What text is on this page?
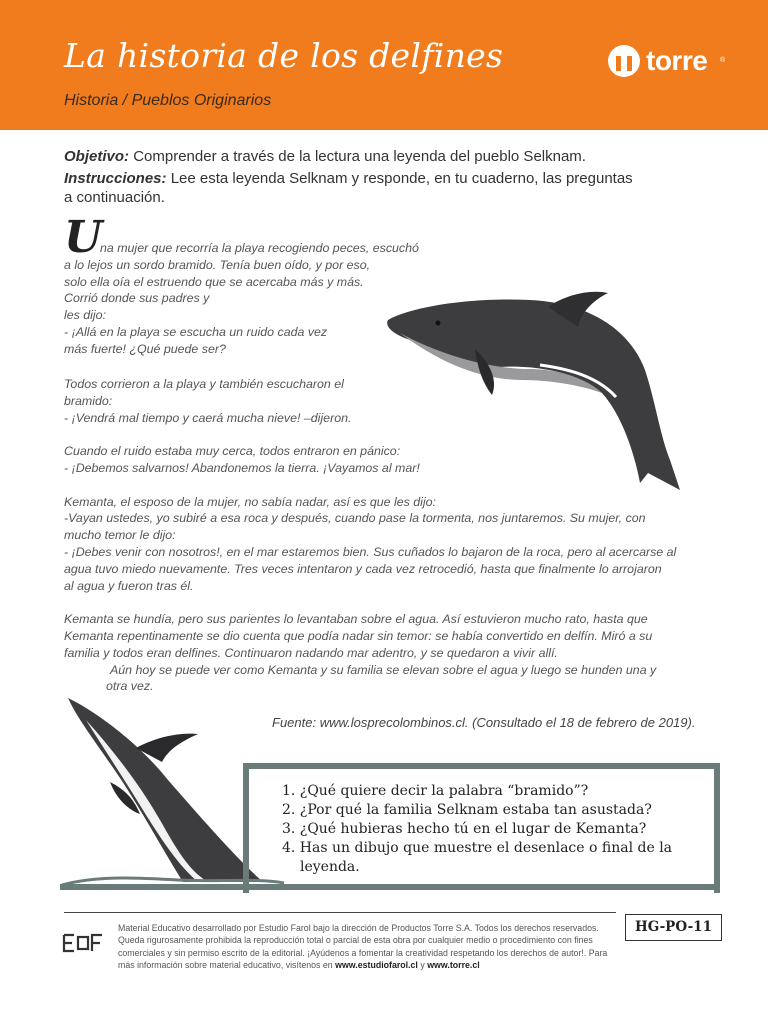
La historia de los delfines
Historia / Pueblos Originarios
torre ®
Objetivo: Comprender a través de la lectura una leyenda del pueblo Selknam.
Instrucciones: Lee esta leyenda Selknam y responde, en tu cuaderno, las preguntas
a continuación.
U
na mujer que recorría la playa recogiendo peces, escuchó
a lo lejos un sordo bramido. Tenía buen oído, y por eso,
solo ella oía el estruendo que se acercaba más y más.
Corrió donde sus padres y
les dijo:
- ¡Allá en la playa se escucha un ruido cada vez
más fuerte! ¿Qué puede ser?

Todos corrieron a la playa y también escucharon el
bramido:
- ¡Vendrá mal tiempo y caerá mucha nieve! –dijeron.

Cuando el ruido estaba muy cerca, todos entraron en pánico:
- ¡Debemos salvarnos! Abandonemos la tierra. ¡Vayamos al mar!

Kemanta, el esposo de la mujer, no sabía nadar, así es que les dijo:
-Vayan ustedes, yo subiré a esa roca y después, cuando pase la tormenta, nos juntaremos. Su mujer, con
mucho temor le dijo:
- ¡Debes venir con nosotros!, en el mar estaremos bien. Sus cuñados lo bajaron de la roca, pero al acercarse al
agua tuvo miedo nuevamente. Tres veces intentaron y cada vez retrocedió, hasta que finalmente lo arrojaron
al agua y fueron tras él.

Kemanta se hundía, pero sus parientes lo levantaban sobre el agua. Así estuvieron mucho rato, hasta que
Kemanta repentinamente se dio cuenta que podía nadar sin temor: se había convertido en delfín. Miró a su
familia y todos eran delfines. Continuaron nadando mar adentro, y se quedaron a vivir allí.

Aún hoy se puede ver como Kemanta y su familia se elevan sobre el agua y luego se hunden una y
otra vez.
Fuente: www.losprecolombinos.cl. (Consultado el 18 de febrero de 2019).
1. ¿Qué quiere decir la palabra “bramido”?
2. ¿Por qué la familia Selknam estaba tan asustada?
3. ¿Qué hubieras hecho tú en el lugar de Kemanta?
4. Has un dibujo que muestre el desenlace o final de la leyenda.
Material Educativo desarrollado por Estudio Farol bajo la dirección de Productos Torre S.A. Todos los derechos reservados. Queda rigurosamente prohibida la reproducción total o parcial de esta obra por cualquier medio o procedimiento con fines comerciales y sin permiso escrito de la editorial. ¡Ayúdenos a fomentar la creatividad respetando los derechos de autor!. Para más información sobre material educativo, visítenos en www.estudiofarol.cl y www.torre.cl
HG-PO-11
